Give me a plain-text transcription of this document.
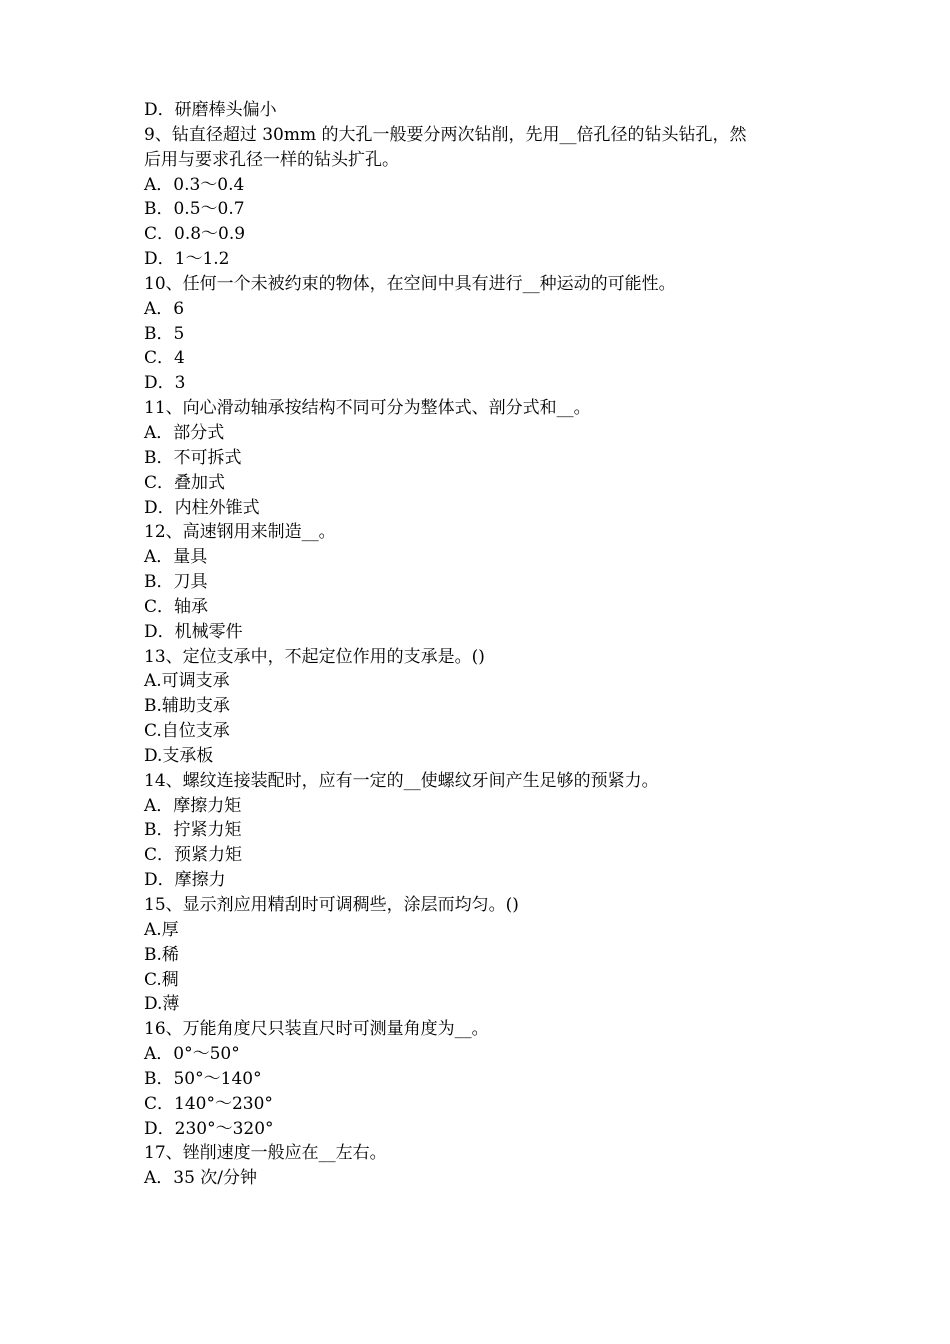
D．研磨棒头偏小

9、钻直径超过 30mm 的大孔一般要分两次钻削，先用__倍孔径的钻头钻孔，然

后用与要求孔径一样的钻头扩孔。

A．0.3～0.4

B．0.5～0.7

C．0.8～0.9

D．1～1.2

10、任何一个未被约束的物体，在空间中具有进行__种运动的可能性。

A．6

B．5

C．4

D．3

11、向心滑动轴承按结构不同可分为整体式、剖分式和__。

A．部分式

B．不可拆式

C．叠加式

D．内柱外锥式

12、高速钢用来制造__。

A．量具

B．刀具

C．轴承

D．机械零件

13、定位支承中，不起定位作用的支承是。()

A.可调支承

B.辅助支承

C.自位支承

D.支承板

14、螺纹连接装配时，应有一定的__使螺纹牙间产生足够的预紧力。

A．摩擦力矩

B．拧紧力矩

C．预紧力矩

D．摩擦力

15、显示剂应用精刮时可调稠些，涂层而均匀。()

A.厚

B.稀

C.稠

D.薄

16、万能角度尺只装直尺时可测量角度为__。

A．0°～50°

B．50°～140°

C．140°～230°

D．230°～320°

17、锉削速度一般应在__左右。

A．35 次/分钟
